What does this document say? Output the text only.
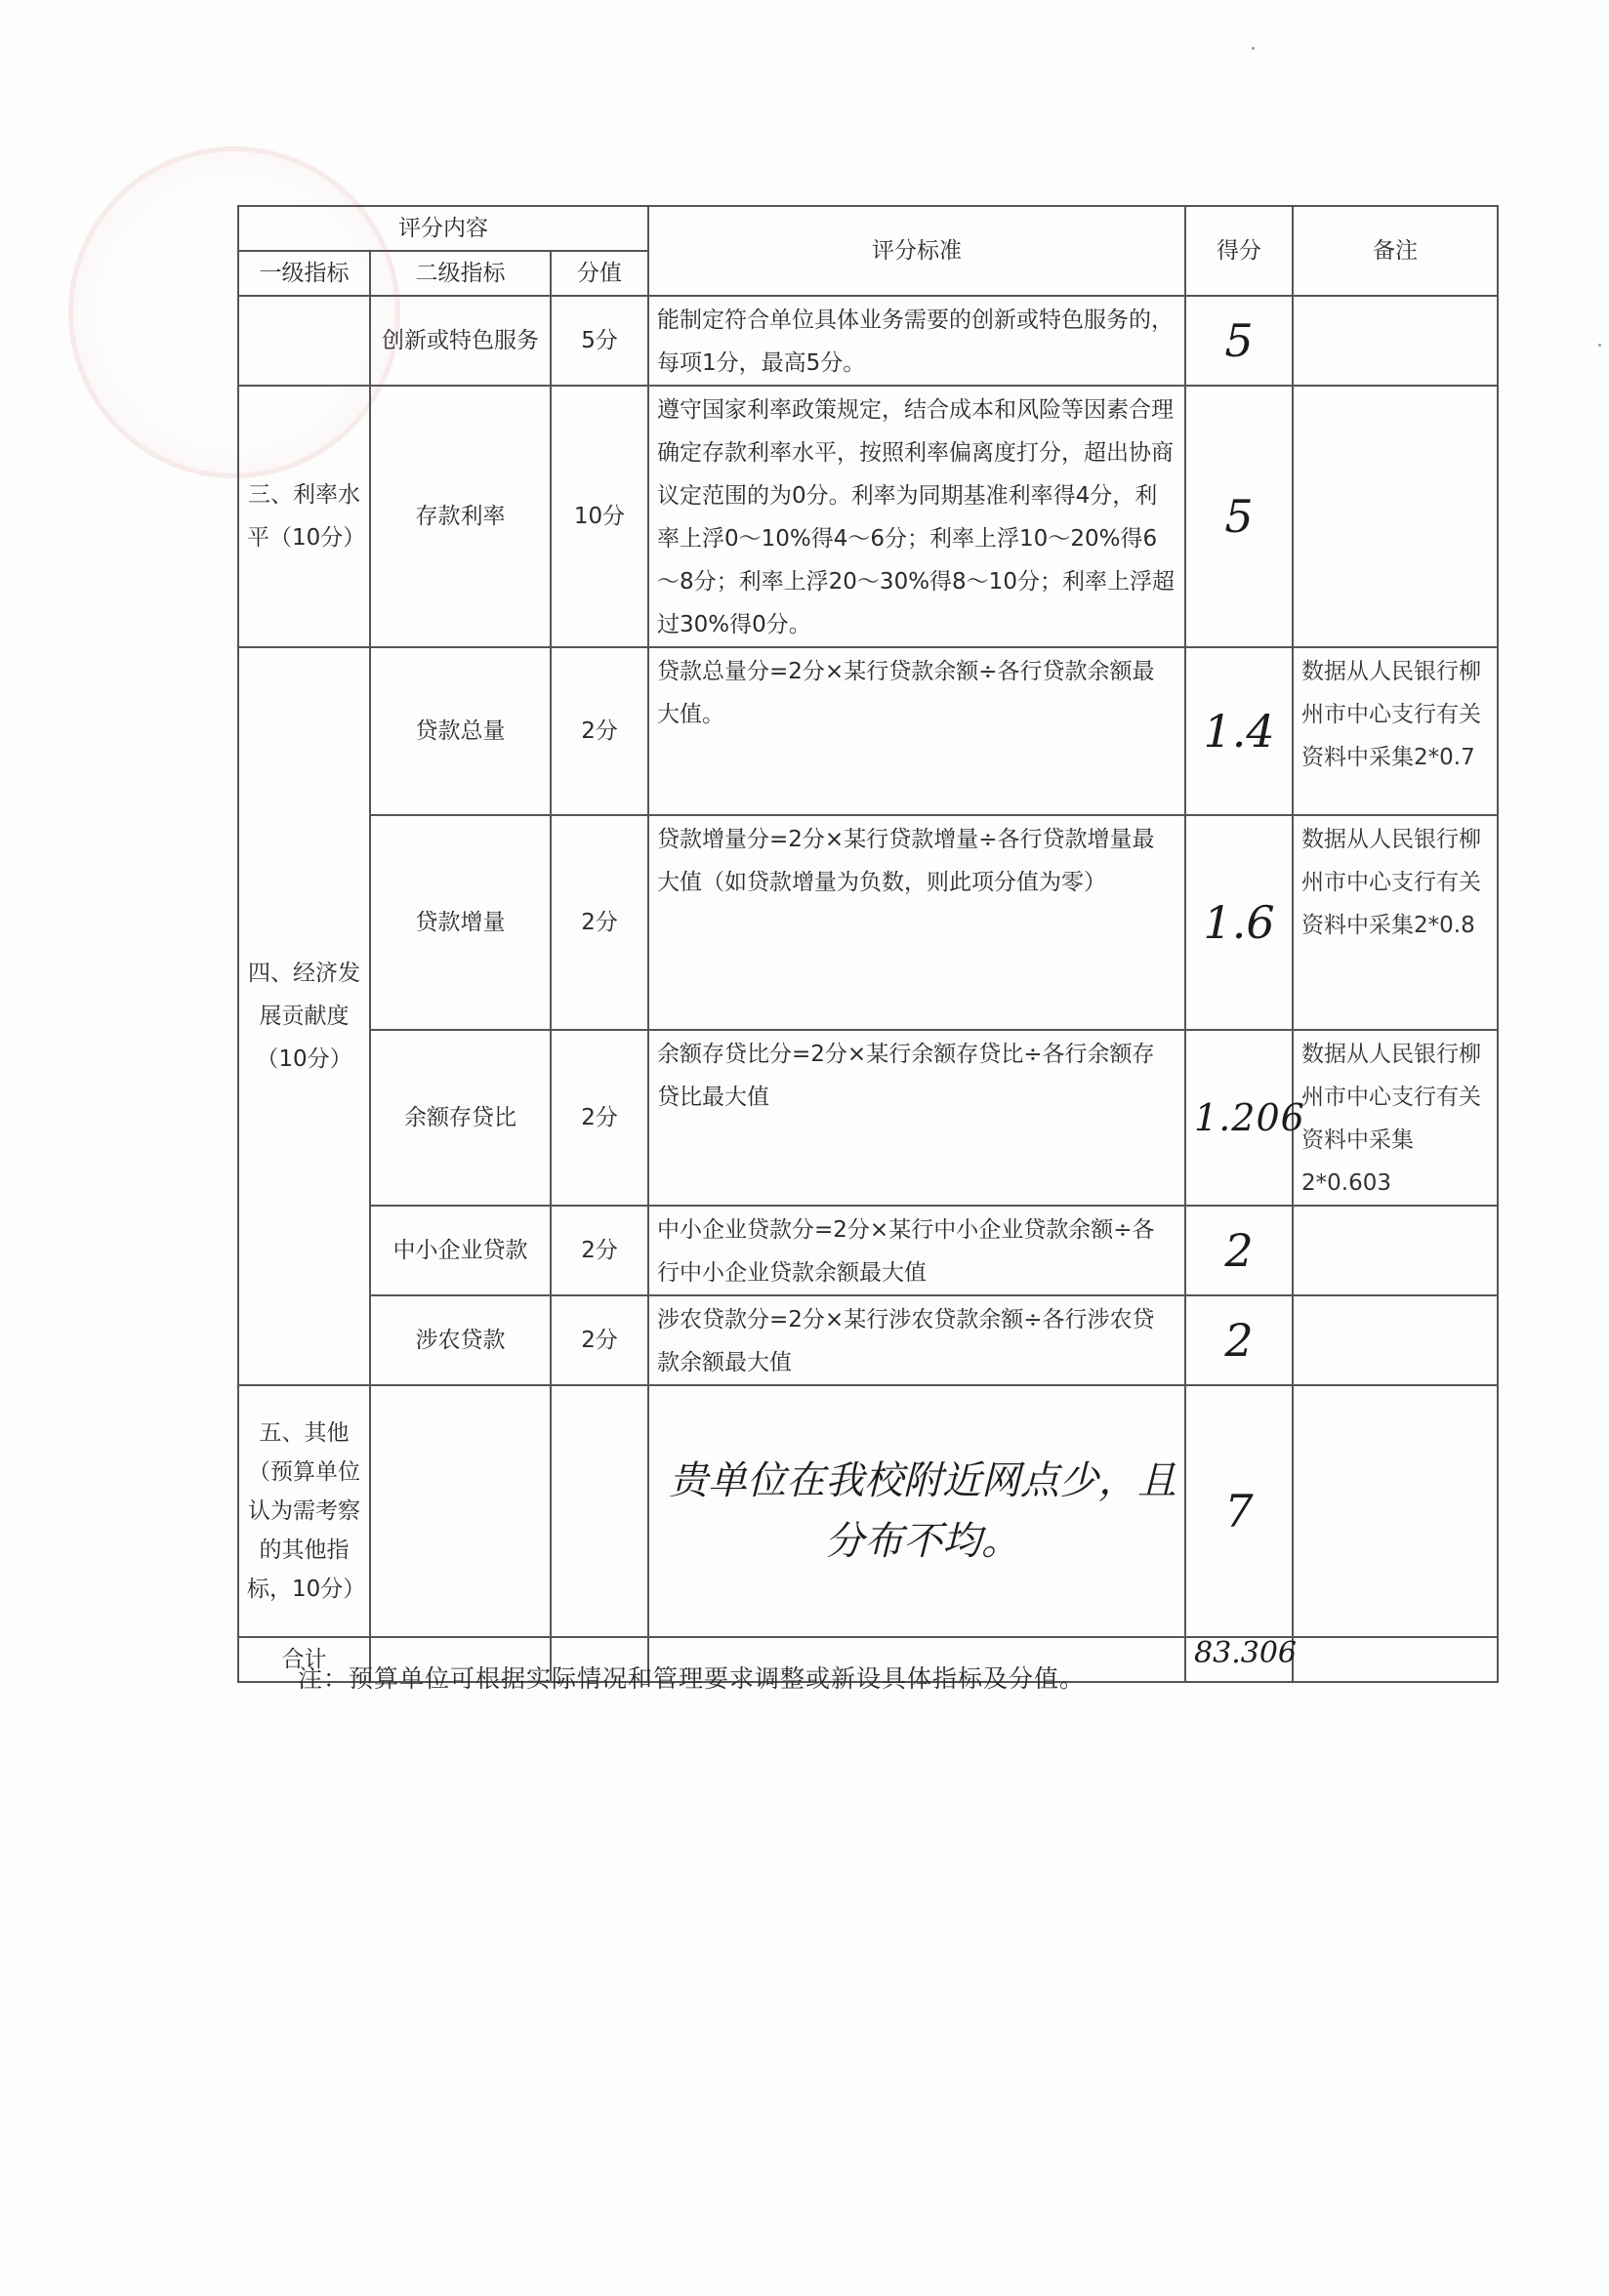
评分内容			评分标准	得分	备注
一级指标	二级指标	分值			
	创新或特色服务	5分	能制定符合单位具体业务需要的创新或特色服务的，每项1分，最高5分。	5	
三、利率水平（10分）	存款利率	10分	遵守国家利率政策规定，结合成本和风险等因素合理确定存款利率水平，按照利率偏离度打分，超出协商议定范围的为0分。利率为同期基准利率得4分，利率上浮0～10%得4～6分；利率上浮10～20%得6～8分；利率上浮20～30%得8～10分；利率上浮超过30%得0分。	5	
四、经济发展贡献度（10分）	贷款总量	2分	贷款总量分=2分×某行贷款余额÷各行贷款余额最大值。	1.4	数据从人民银行柳州市中心支行有关资料中采集2*0.7
	贷款增量	2分	贷款增量分=2分×某行贷款增量÷各行贷款增量最大值（如贷款增量为负数，则此项分值为零）	1.6	数据从人民银行柳州市中心支行有关资料中采集2*0.8
	余额存贷比	2分	余额存贷比分=2分×某行余额存贷比÷各行余额存贷比最大值	1.206	数据从人民银行柳州市中心支行有关资料中采集2*0.603
	中小企业贷款	2分	中小企业贷款分=2分×某行中小企业贷款余额÷各行中小企业贷款余额最大值	2	
	涉农贷款	2分	涉农贷款分=2分×某行涉农贷款余额÷各行涉农贷款余额最大值	2	
五、其他（预算单位认为需考察的其他指标，10分）			贵单位在我校附近网点少，且分布不均。	7	
合计				83.306	
注：预算单位可根据实际情况和管理要求调整或新设具体指标及分值。
